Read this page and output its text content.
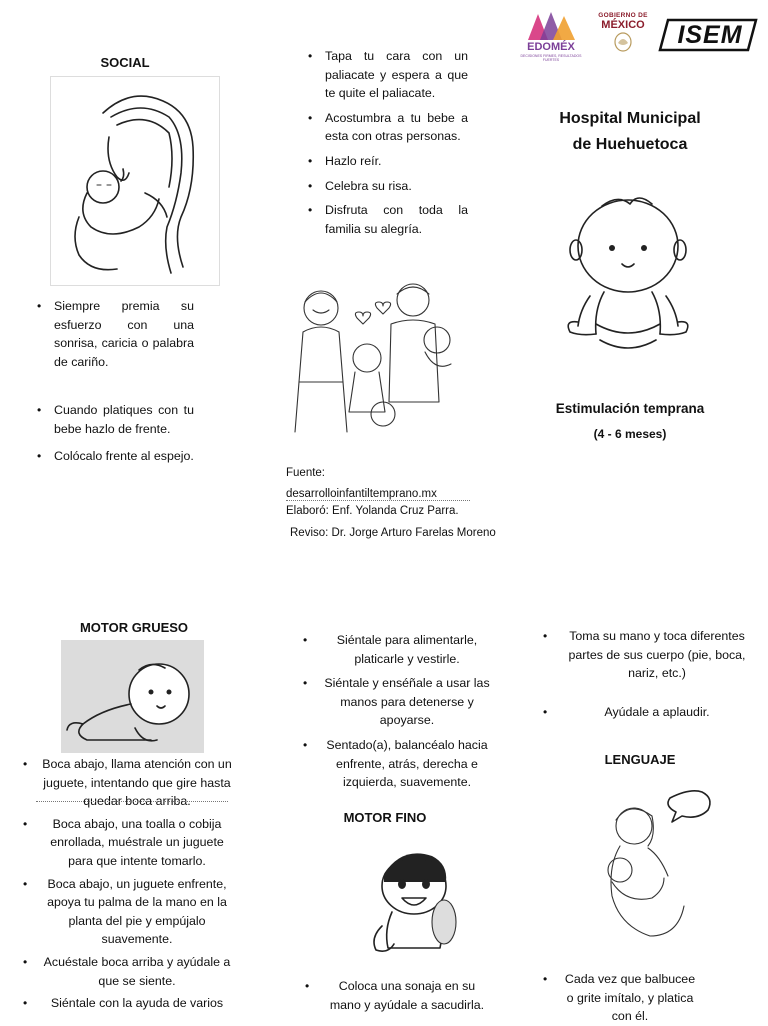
EDOMÉX
DECISIONES FIRMES, RESULTADOS FUERTES
GOBIERNO DE
MÉXICO	ISEM
SOCIAL
• Siempre premia su esfuerzo con una sonrisa, caricia o palabra de cariño.
• Cuando platiques con tu bebe hazlo de frente.
• Colócalo frente al espejo.
• Tapa tu cara con un paliacate y espera a que te quite el paliacate.
• Acostumbra a tu bebe a esta con otras personas.
• Hazlo reír.
• Celebra su risa.
• Disfruta con toda la familia su alegría.
Fuente:
desarrolloinfantiltemprano.mx
Elaboró: Enf. Yolanda Cruz Parra.
Reviso: Dr. Jorge Arturo Farelas Moreno
Hospital Municipal
de Huehuetoca
Estimulación temprana
(4 - 6 meses)
MOTOR GRUESO
• Boca abajo, llama atención con un juguete, intentando que gire hasta quedar boca arriba.
• Boca abajo, una toalla o cobija enrollada, muéstrale un juguete para que intente tomarlo.
• Boca abajo, un juguete enfrente, apoya tu palma de la mano en la planta del pie y empújalo suavemente.
• Acuéstale boca arriba y ayúdale a que se siente.
• Siéntale con la ayuda de varios
• Siéntale para alimentarle, platicarle y vestirle.
• Siéntale y enséñale a usar las manos para detenerse y apoyarse.
• Sentado(a), balancéalo hacia enfrente, atrás, derecha e izquierda, suavemente.
MOTOR FINO
• Coloca una sonaja en su mano y ayúdale a sacudirla.
• Toma su mano y toca diferentes partes de sus cuerpo (pie, boca, nariz, etc.)
• Ayúdale a aplaudir.
LENGUAJE
• Cada vez que balbucee o grite imítalo, y platica con él.
